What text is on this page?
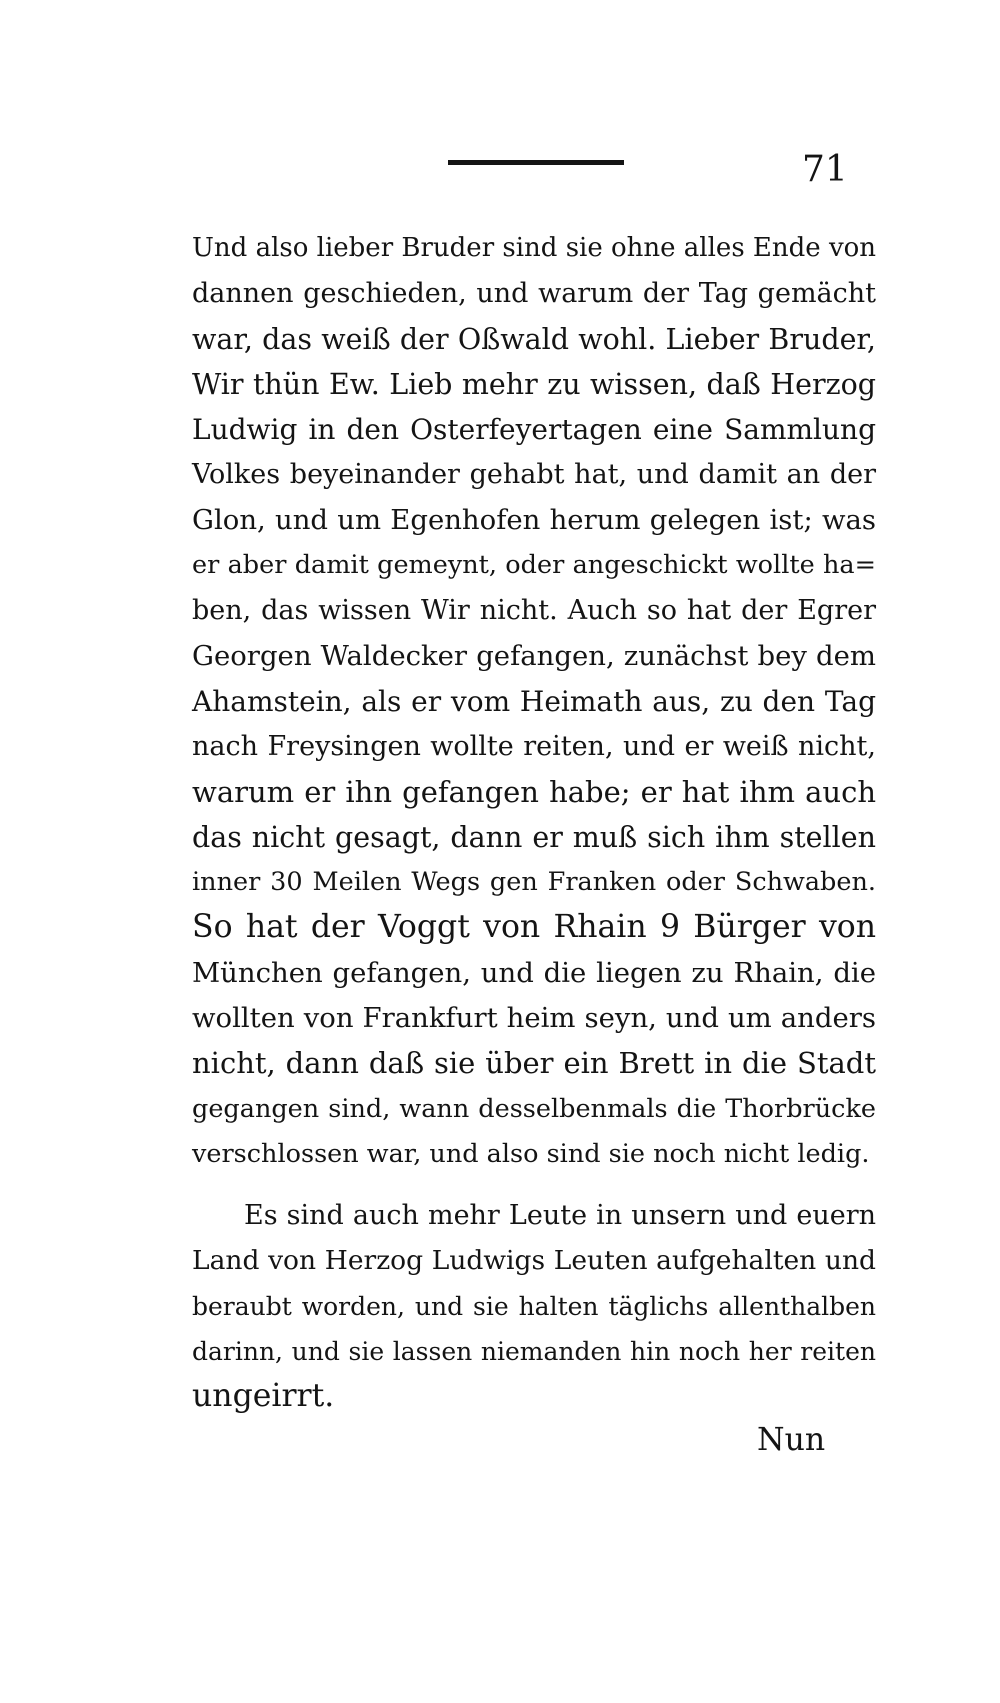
71
Und also lieber Bruder sind sie ohne alles Ende von
dannen geschieden, und warum der Tag gemächt
war, das weiß der Oßwald wohl. Lieber Bruder,
Wir thün Ew. Lieb mehr zu wissen, daß Herzog
Ludwig in den Osterfeyertagen eine Sammlung
Volkes beyeinander gehabt hat, und damit an der
Glon, und um Egenhofen herum gelegen ist; was
er aber damit gemeynt, oder angeschickt wollte ha=
ben, das wissen Wir nicht. Auch so hat der Egrer
Georgen Waldecker gefangen, zunächst bey dem
Ahamstein, als er vom Heimath aus, zu den Tag
nach Freysingen wollte reiten, und er weiß nicht,
warum er ihn gefangen habe; er hat ihm auch
das nicht gesagt, dann er muß sich ihm stellen
inner 30 Meilen Wegs gen Franken oder Schwaben.
So hat der Voggt von Rhain 9 Bürger von
München gefangen, und die liegen zu Rhain, die
wollten von Frankfurt heim seyn, und um anders
nicht, dann daß sie über ein Brett in die Stadt
gegangen sind, wann desselbenmals die Thorbrücke
verschlossen war, und also sind sie noch nicht ledig.
Es sind auch mehr Leute in unsern und euern
Land von Herzog Ludwigs Leuten aufgehalten und
beraubt worden, und sie halten täglichs allenthalben
darinn, und sie lassen niemanden hin noch her reiten
ungeirrt.
Nun
